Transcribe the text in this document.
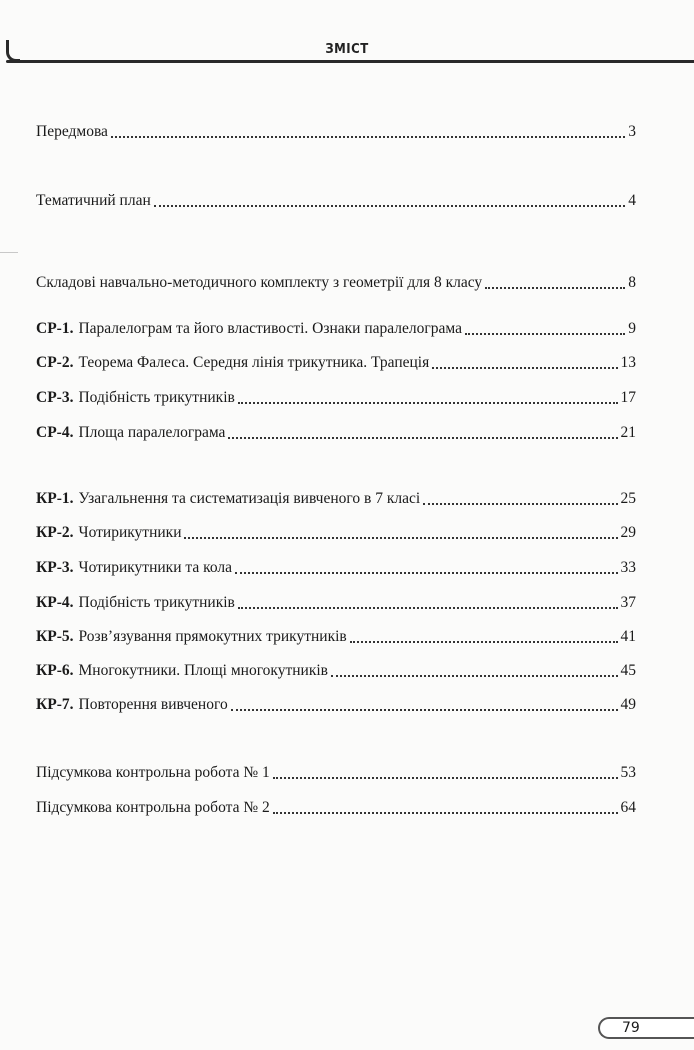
ЗМІСТ
Передмова	3
Тематичний план	4
Складові навчально-методичного комплекту з геометрії для 8 класу	8
СР-1. Паралелограм та його властивості. Ознаки паралелограма	9
СР-2. Теорема Фалеса. Середня лінія трикутника. Трапеція	13
СР-3. Подібність трикутників	17
СР-4. Площа паралелограма	21
КР-1. Узагальнення та систематизація вивченого в 7 класі	25
КР-2. Чотирикутники	29
КР-3. Чотирикутники та кола	33
КР-4. Подібність трикутників	37
КР-5. Розв’язування прямокутних трикутників	41
КР-6. Многокутники. Площі многокутників	45
КР-7. Повторення вивченого	49
Підсумкова контрольна робота № 1	53
Підсумкова контрольна робота № 2	64
79
